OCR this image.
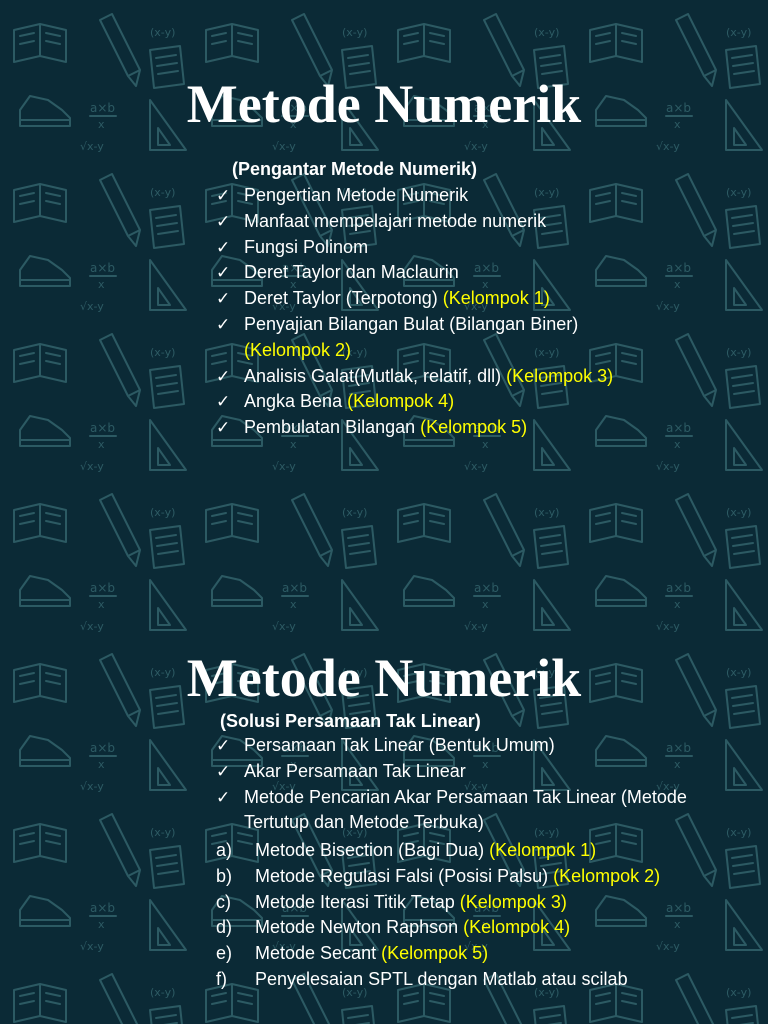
Metode Numerik
(Pengantar Metode Numerik)
✓ Pengertian Metode Numerik
✓ Manfaat mempelajari metode numerik
✓ Fungsi Polinom
✓ Deret Taylor dan Maclaurin
✓ Deret Taylor (Terpotong) (Kelompok 1)
✓ Penyajian Bilangan Bulat (Bilangan Biner) (Kelompok 2)
✓ Analisis Galat(Mutlak, relatif, dll) (Kelompok 3)
✓ Angka Bena (Kelompok 4)
✓ Pembulatan Bilangan (Kelompok 5)
Metode Numerik
(Solusi Persamaan Tak Linear)
✓ Persamaan Tak Linear (Bentuk Umum)
✓ Akar Persamaan Tak Linear
✓ Metode Pencarian Akar Persamaan Tak Linear (Metode Tertutup dan Metode Terbuka)
a) Metode Bisection (Bagi Dua) (Kelompok 1)
b) Metode Regulasi Falsi (Posisi Palsu) (Kelompok 2)
c) Metode Iterasi Titik Tetap (Kelompok 3)
d) Metode Newton Raphson (Kelompok 4)
e) Metode Secant (Kelompok 5)
f) Penyelesaian SPTL dengan Matlab atau scilab
